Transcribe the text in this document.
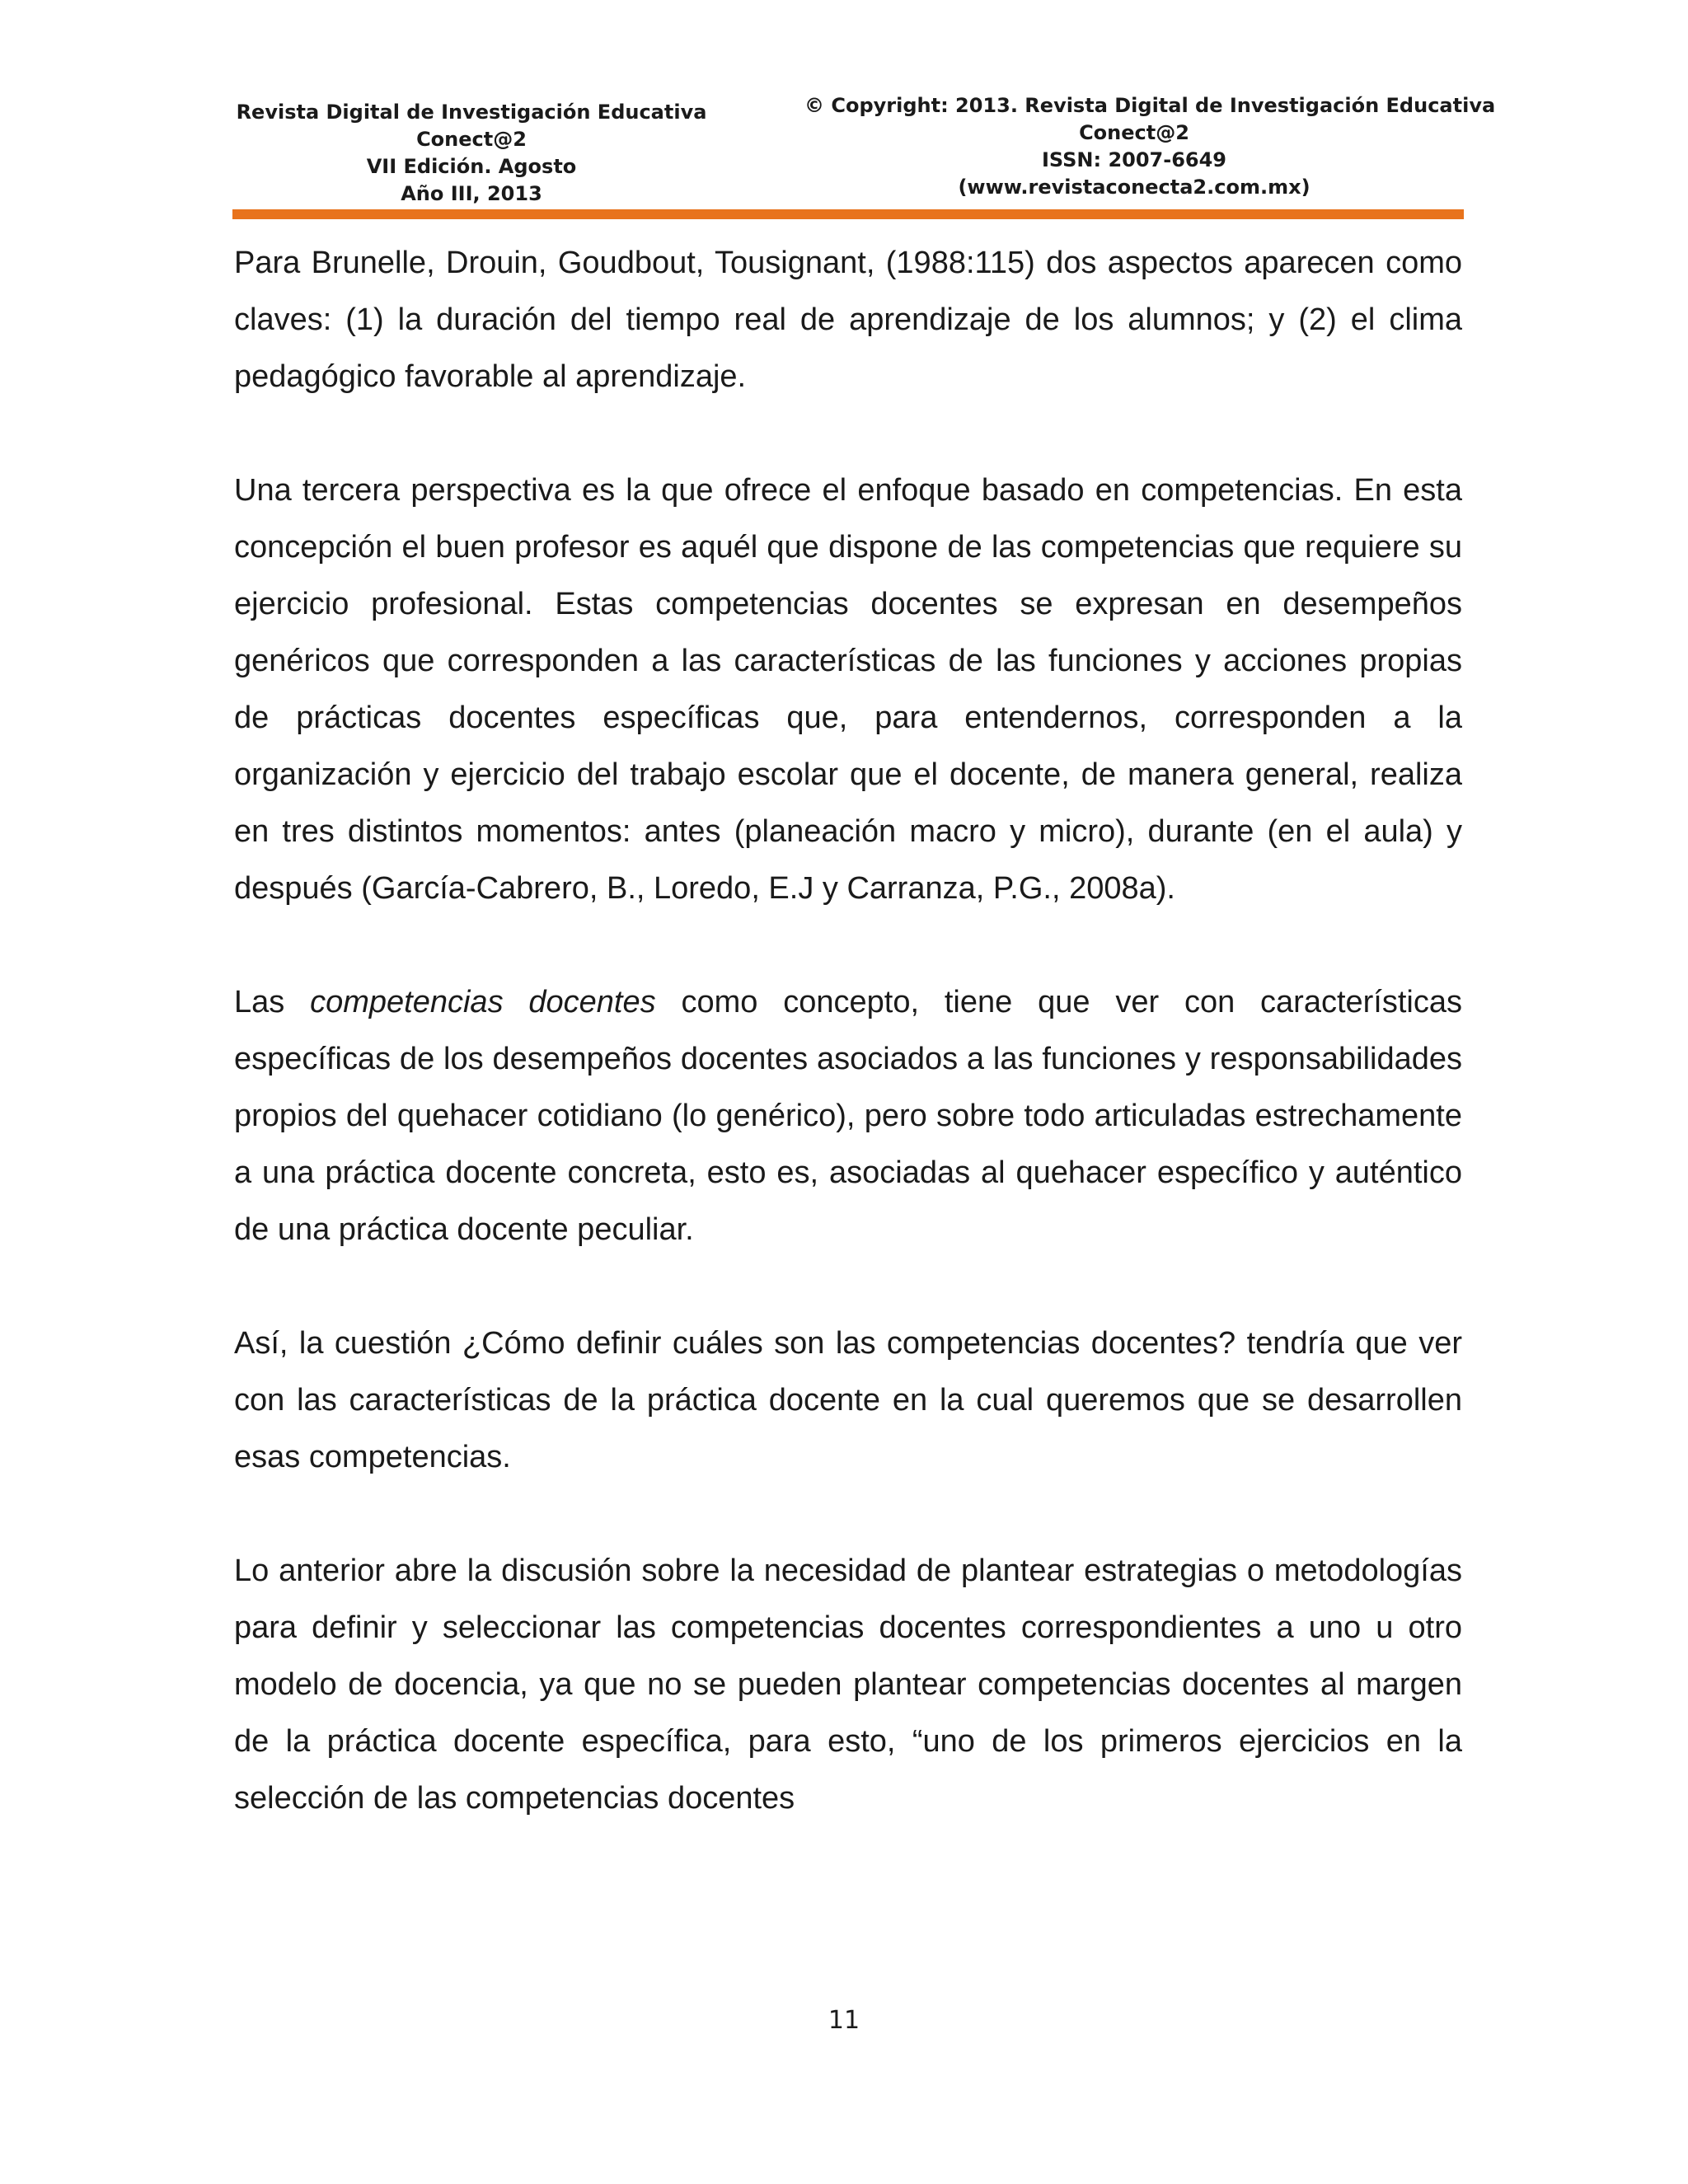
Revista Digital de Investigación Educativa
Conect@2
VII Edición. Agosto
Año III, 2013
© Copyright: 2013. Revista Digital de Investigación Educativa
Conect@2
ISSN: 2007-6649
(www.revistaconecta2.com.mx)

Para Brunelle, Drouin, Goudbout, Tousignant, (1988:115) dos aspectos aparecen como claves: (1) la duración del tiempo real de aprendizaje de los alumnos; y (2) el clima pedagógico favorable al aprendizaje.

Una tercera perspectiva es la que ofrece el enfoque basado en competencias. En esta concepción el buen profesor es aquél que dispone de las competencias que requiere su ejercicio profesional. Estas competencias docentes se expresan en desempeños genéricos que corresponden a las características de las funciones y acciones propias de prácticas docentes específicas que, para entendernos, corresponden a la organización y ejercicio del trabajo escolar que el docente, de manera general, realiza en tres distintos momentos: antes (planeación macro y micro), durante (en el aula) y después (García-Cabrero, B., Loredo, E.J y Carranza, P.G., 2008a).

Las competencias docentes como concepto, tiene que ver con características específicas de los desempeños docentes asociados a las funciones y responsabilidades propios del quehacer cotidiano (lo genérico), pero sobre todo articuladas estrechamente a una práctica docente concreta, esto es, asociadas al quehacer específico y auténtico de una práctica docente peculiar.

Así, la cuestión ¿Cómo definir cuáles son las competencias docentes? tendría que ver con las características de la práctica docente en la cual queremos que se desarrollen esas competencias.

Lo anterior abre la discusión sobre la necesidad de plantear estrategias o metodologías para definir y seleccionar las competencias docentes correspondientes a uno u otro modelo de docencia, ya que no se pueden plantear competencias docentes al margen de la práctica docente específica, para esto, “uno de los primeros ejercicios en la selección de las competencias docentes

11
